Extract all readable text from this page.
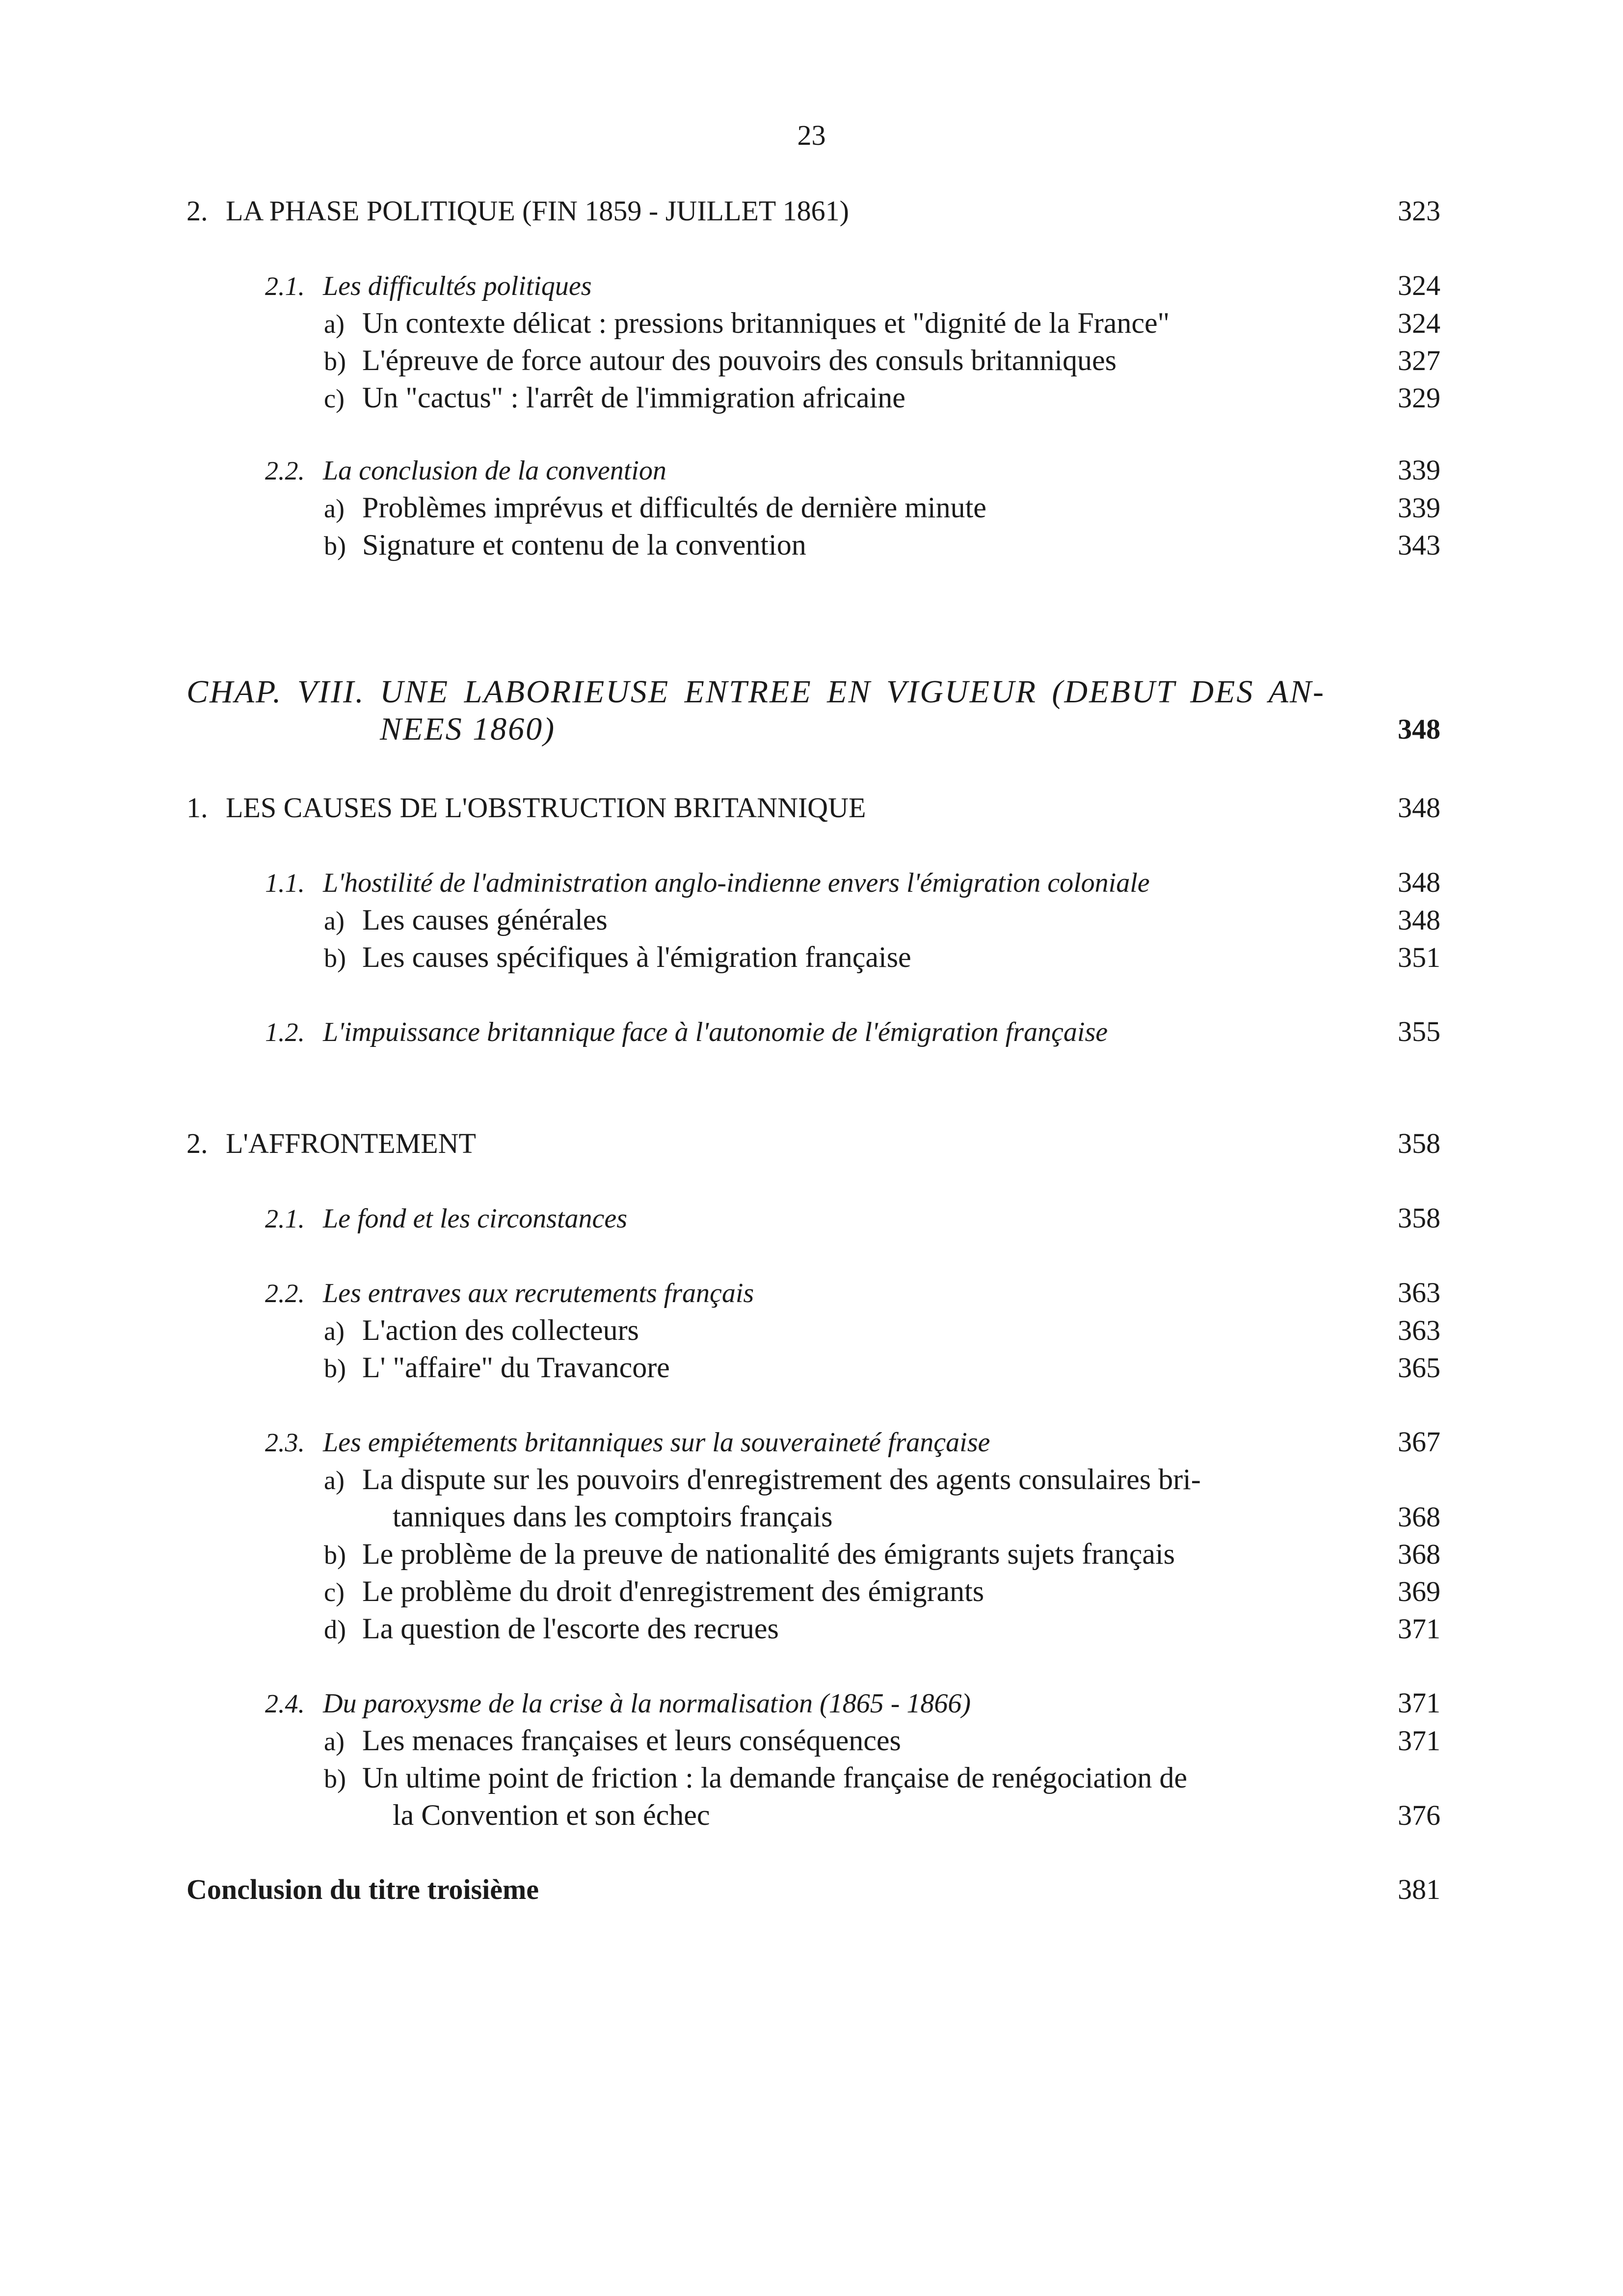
23
2. LA PHASE POLITIQUE (FIN 1859 - JUILLET 1861)	323
2.1. Les difficultés politiques	324
a) Un contexte délicat : pressions britanniques et "dignité de la France"	324
b) L'épreuve de force autour des pouvoirs des consuls britanniques	327
c) Un "cactus" : l'arrêt de l'immigration africaine	329
2.2. La conclusion de la convention	339
a) Problèmes imprévus et difficultés de dernière minute	339
b) Signature et contenu de la convention	343
CHAP. VIII. UNE LABORIEUSE ENTREE EN VIGUEUR (DEBUT DES AN-
NEES 1860)	348
1. LES CAUSES DE L'OBSTRUCTION BRITANNIQUE	348
1.1. L'hostilité de l'administration anglo-indienne envers l'émigration coloniale	348
a) Les causes générales	348
b) Les causes spécifiques à l'émigration française	351
1.2. L'impuissance britannique face à l'autonomie de l'émigration française	355
2. L'AFFRONTEMENT	358
2.1. Le fond et les circonstances	358
2.2. Les entraves aux recrutements français	363
a) L'action des collecteurs	363
b) L' "affaire" du Travancore	365
2.3. Les empiétements britanniques sur la souveraineté française	367
a) La dispute sur les pouvoirs d'enregistrement des agents consulaires bri-
tanniques dans les comptoirs français	368
b) Le problème de la preuve de nationalité des émigrants sujets français	368
c) Le problème du droit d'enregistrement des émigrants	369
d) La question de l'escorte des recrues	371
2.4. Du paroxysme de la crise à la normalisation (1865 - 1866)	371
a) Les menaces françaises et leurs conséquences	371
b) Un ultime point de friction : la demande française de renégociation de
la Convention et son échec	376
Conclusion du titre troisième	381
